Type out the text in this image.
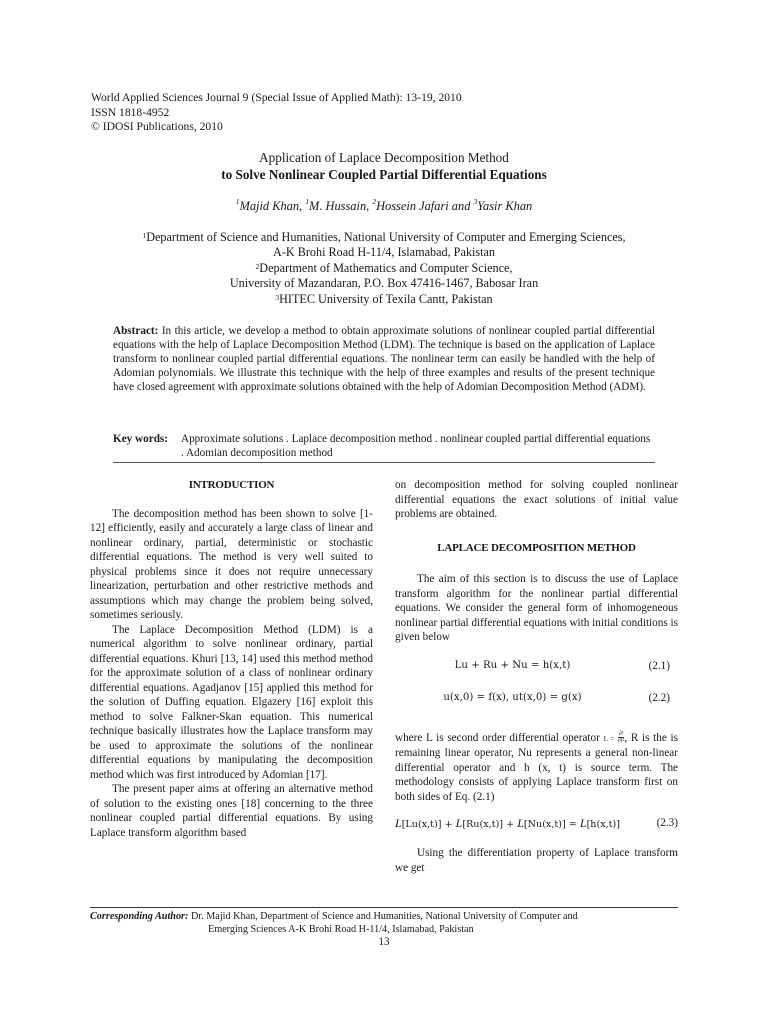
World Applied Sciences Journal 9 (Special Issue of Applied Math): 13-19, 2010
ISSN 1818-4952
© IDOSI Publications, 2010
Application of Laplace Decomposition Method
to Solve Nonlinear Coupled Partial Differential Equations
$^1$Majid Khan, $^1$M. Hussain, $^2$Hossein Jafari and $^3$Yasir Khan
$^1$Department of Science and Humanities, National University of Computer and Emerging Sciences,
A-K Brohi Road H-11/4, Islamabad, Pakistan
$^2$Department of Mathematics and Computer Science,
University of Mazandaran, P.O. Box 47416-1467, Babosar Iran
$^3$HITEC University of Texila Cantt, Pakistan
Abstract: In this article, we develop a method to obtain approximate solutions of nonlinear coupled partial differential equations with the help of Laplace Decomposition Method (LDM). The technique is based on the application of Laplace transform to nonlinear coupled partial differential equations. The nonlinear term can easily be handled with the help of Adomian polynomials. We illustrate this technique with the help of three examples and results of the present technique have closed agreement with approximate solutions obtained with the help of Adomian Decomposition Method (ADM).
Key words: Approximate solutions . Laplace decomposition method . nonlinear coupled partial differential equations . Adomian decomposition method

INTRODUCTION

The decomposition method has been shown to solve [1-12] efficiently, easily and accurately a large class of linear and nonlinear ordinary, partial, deterministic or stochastic differential equations. The method is very well suited to physical problems since it does not require unnecessary linearization, perturbation and other restrictive methods and assumptions which may change the problem being solved, sometimes seriously.

The Laplace Decomposition Method (LDM) is a numerical algorithm to solve nonlinear ordinary, partial differential equations. Khuri [13, 14] used this method method for the approximate solution of a class of nonlinear ordinary differential equations. Agadjanov [15] applied this method for the solution of Duffing equation. Elgazery [16] exploit this method to solve Falkner-Skan equation. This numerical technique basically illustrates how the Laplace transform may be used to approximate the solutions of the nonlinear differential equations by manipulating the decomposition method which was first introduced by Adomian [17].

The present paper aims at offering an alternative method of solution to the existing ones [18] concerning to the three nonlinear coupled partial differential equations. By using Laplace transform algorithm based

on decomposition method for solving coupled nonlinear differential equations the exact solutions of initial value problems are obtained.

LAPLACE DECOMPOSITION METHOD

The aim of this section is to discuss the use of Laplace transform algorithm for the nonlinear partial differential equations. We consider the general form of inhomogeneous nonlinear partial differential equations with initial conditions is given below

Lu + Ru + Nu = h(x,t)	(2.1)
u(x,0) = f(x), ut(x,0) = g(x)	(2.2)

where L is second order differential operator $L = \frac{\text{∂²}}{\text{∂t²}}$ , R is the is remaining linear operator, Nu represents a general non-linear differential operator and h (x, t) is source term. The methodology consists of applying Laplace transform first on both sides of Eq. (2.1)

L[Lu(x,t)] + L[Ru(x,t)] + L[Nu(x,t)] = L[h(x,t)]	(2.3)

Using the differentiation property of Laplace transform we get

Corresponding Author: Dr. Majid Khan, Department of Science and Humanities, National University of Computer and
Emerging Sciences A-K Brohi Road H-11/4, Islamabad, Pakistan
13
